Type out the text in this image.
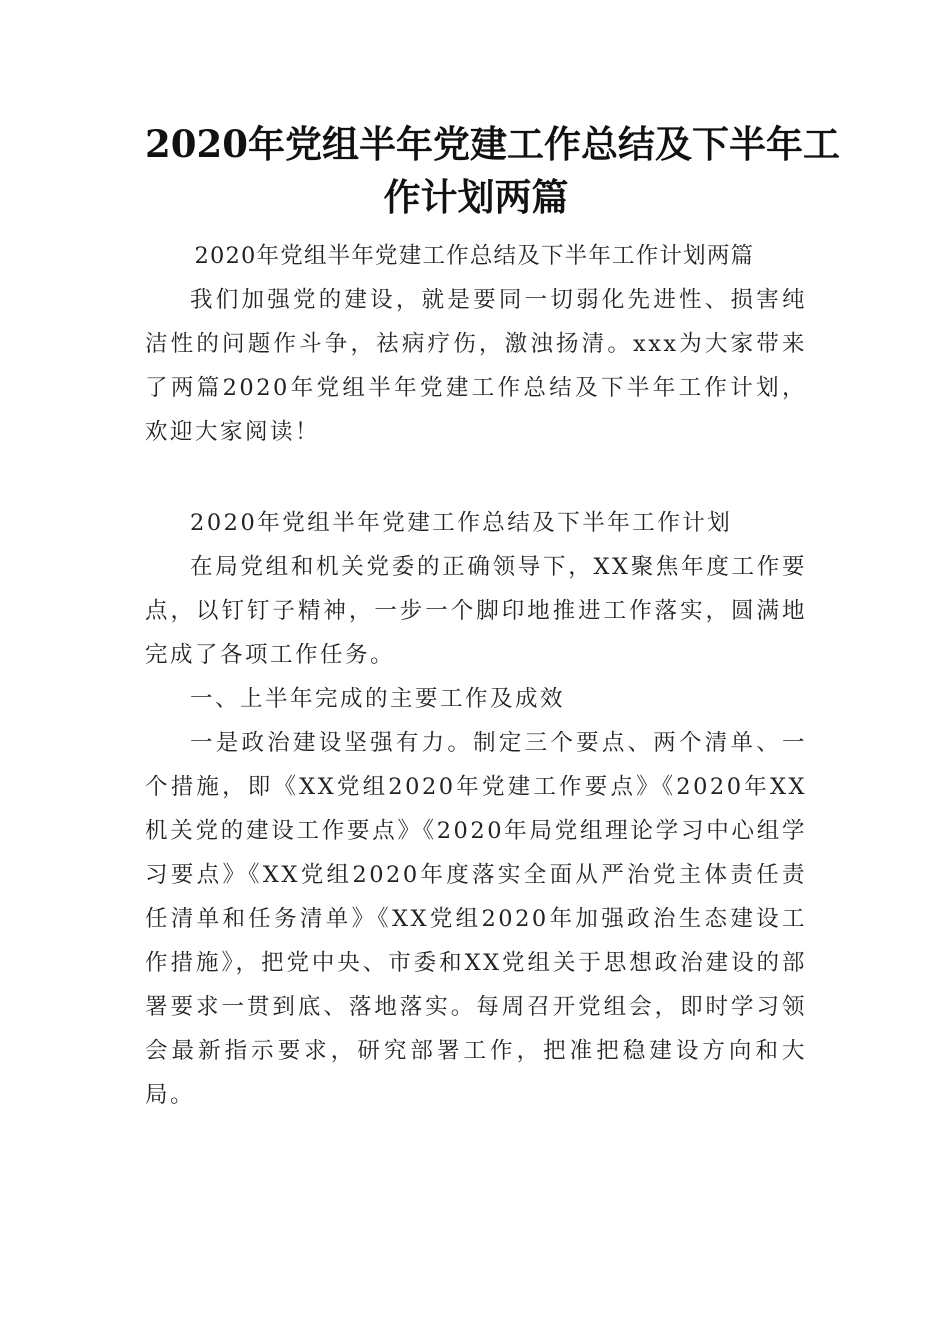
2020年党组半年党建工作总结及下半年工
作计划两篇

2020年党组半年党建工作总结及下半年工作计划两篇

我们加强党的建设，就是要同一切弱化先进性、损害纯洁性的问题作斗争，祛病疗伤，激浊扬清。xxx为大家带来了两篇2020年党组半年党建工作总结及下半年工作计划，欢迎大家阅读！

2020年党组半年党建工作总结及下半年工作计划

在局党组和机关党委的正确领导下，XX聚焦年度工作要点，以钉钉子精神，一步一个脚印地推进工作落实，圆满地完成了各项工作任务。

一、上半年完成的主要工作及成效

一是政治建设坚强有力。制定三个要点、两个清单、一个措施，即《XX党组2020年党建工作要点》《2020年XX机关党的建设工作要点》《2020年局党组理论学习中心组学习要点》《XX党组2020年度落实全面从严治党主体责任责任清单和任务清单》《XX党组2020年加强政治生态建设工作措施》，把党中央、市委和XX党组关于思想政治建设的部署要求一贯到底、落地落实。每周召开党组会，即时学习领会最新指示要求，研究部署工作，把准把稳建设方向和大局。
